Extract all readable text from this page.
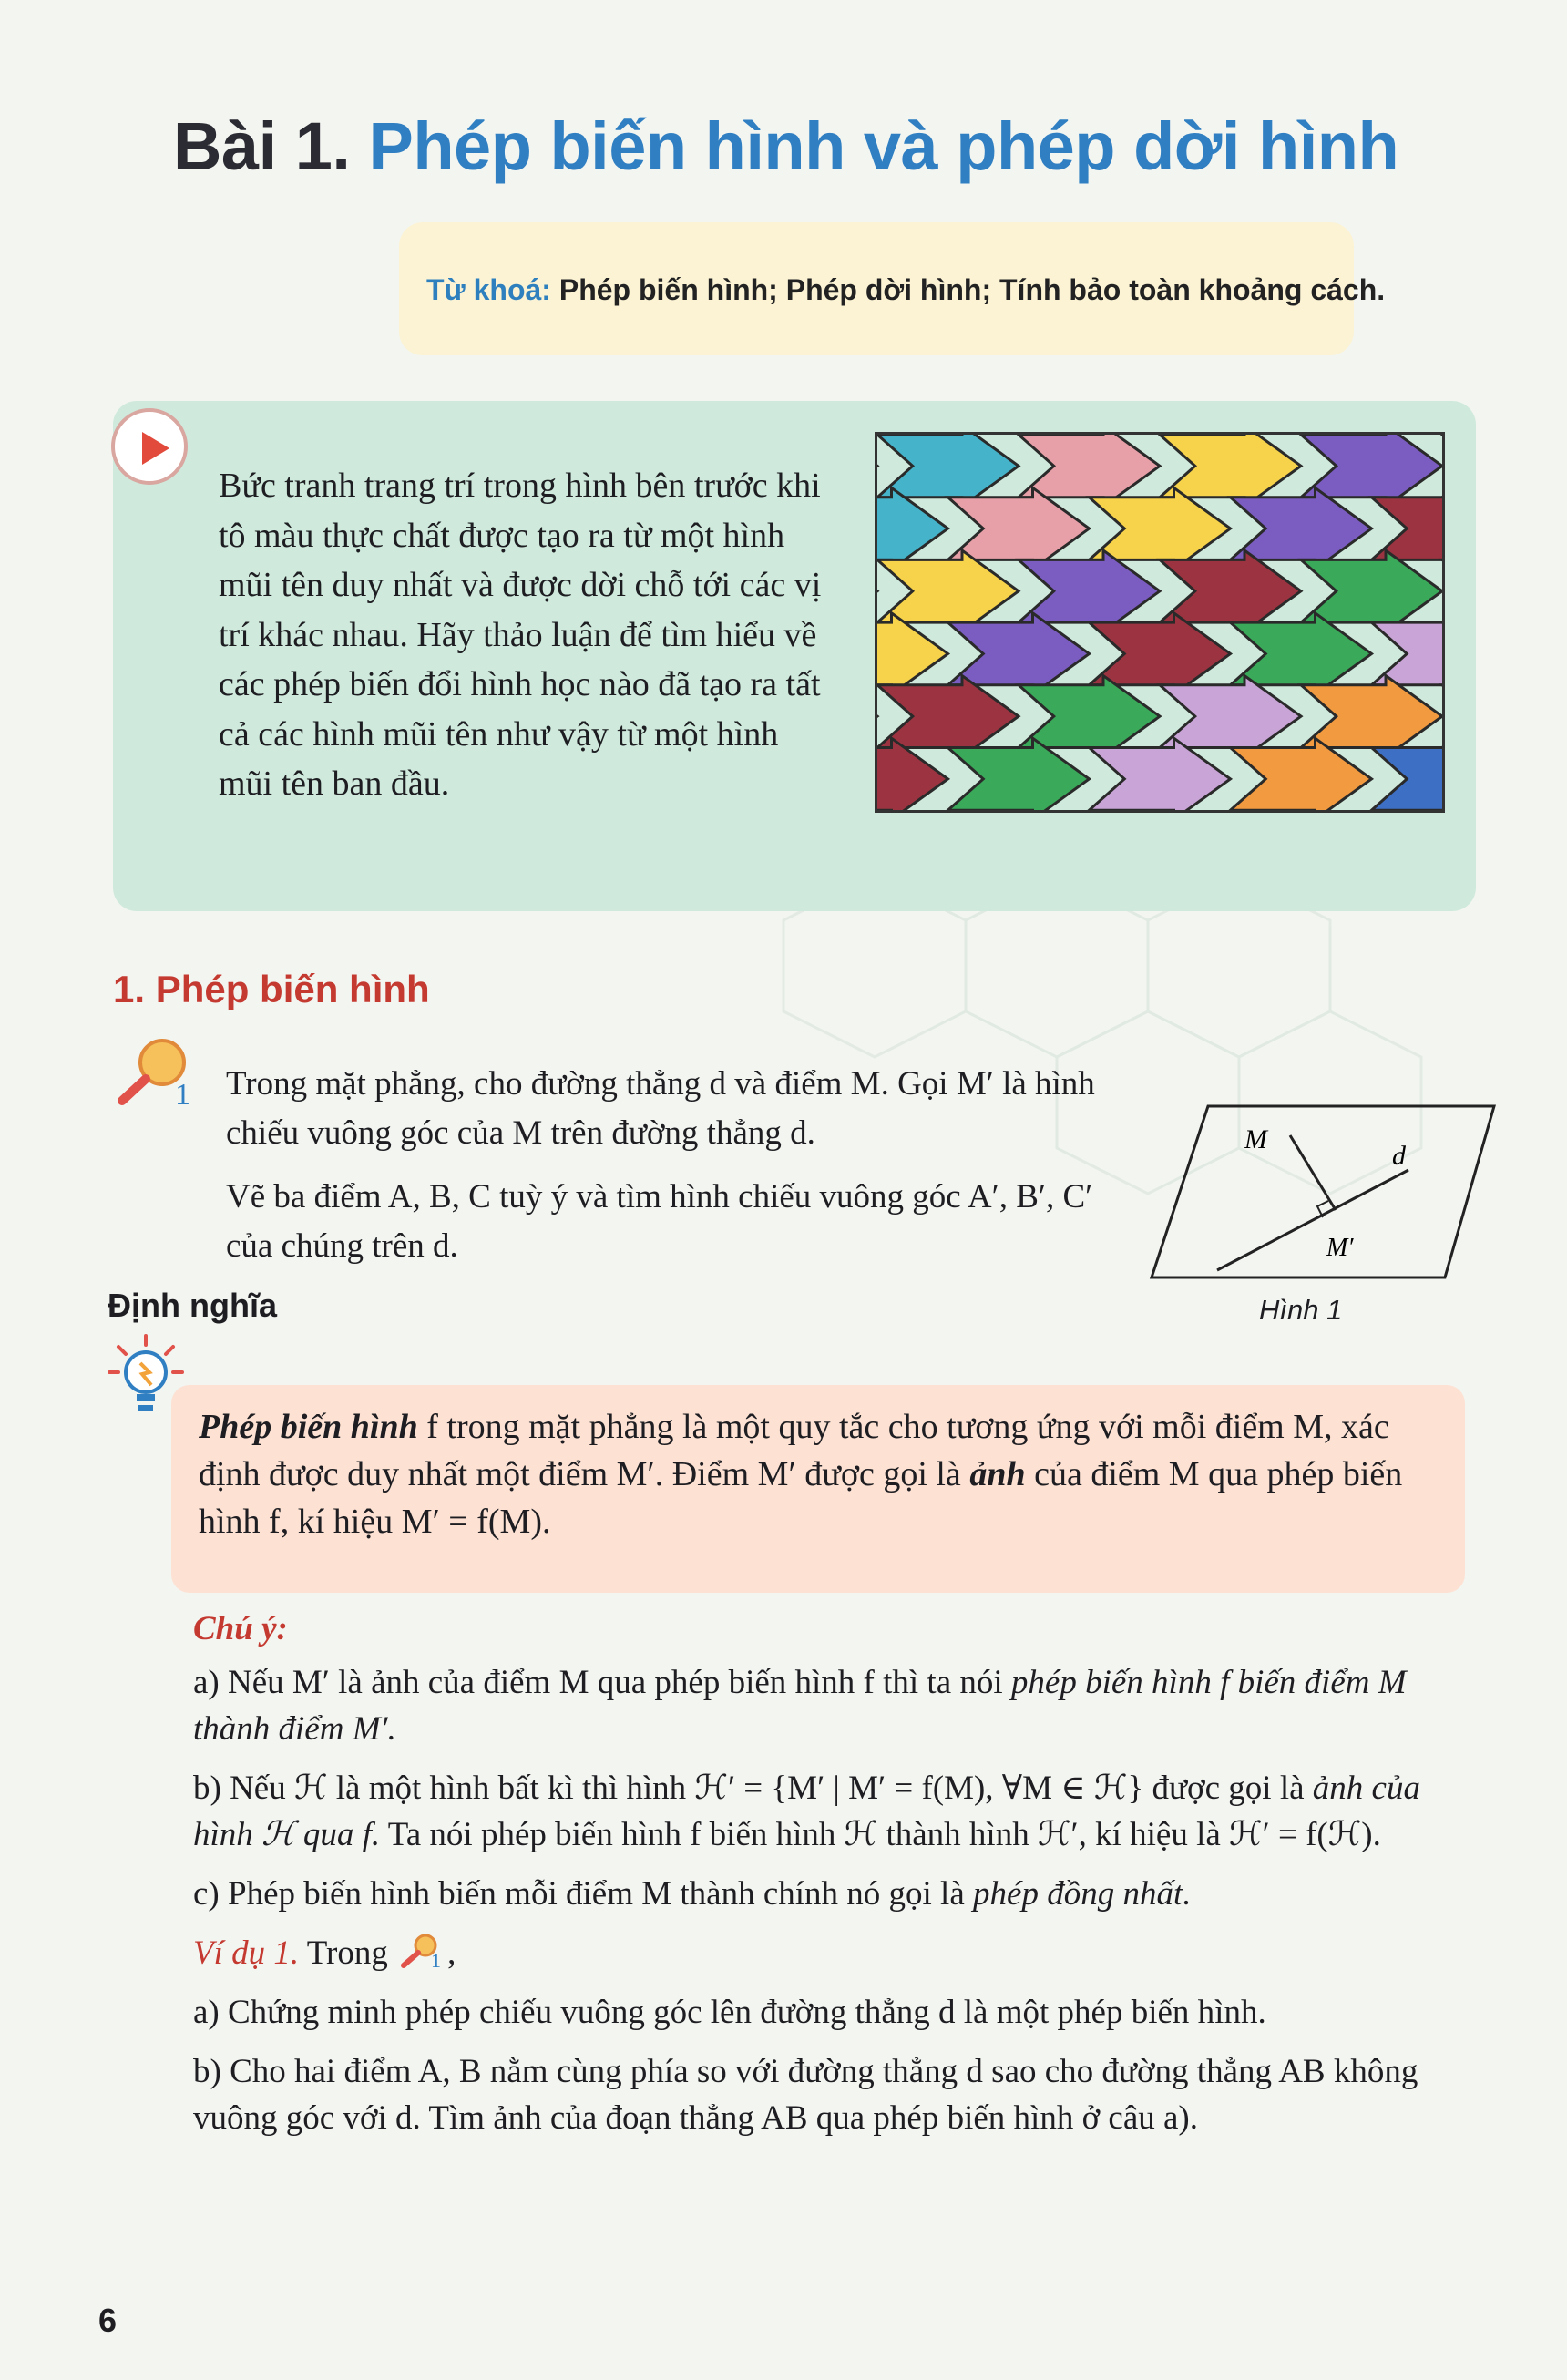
Bài 1. Phép biến hình và phép dời hình
Từ khoá: Phép biến hình; Phép dời hình; Tính bảo toàn khoảng cách.
Bức tranh trang trí trong hình bên trước khi tô màu thực chất được tạo ra từ một hình mũi tên duy nhất và được dời chỗ tới các vị trí khác nhau. Hãy thảo luận để tìm hiểu về các phép biến đổi hình học nào đã tạo ra tất cả các hình mũi tên như vậy từ một hình mũi tên ban đầu.
1. Phép biến hình
1 Trong mặt phẳng, cho đường thẳng d và điểm M. Gọi M′ là hình chiếu vuông góc của M trên đường thẳng d.
Vẽ ba điểm A, B, C tuỳ ý và tìm hình chiếu vuông góc A′, B′, C′ của chúng trên d.
M
d
M′
Hình 1
Định nghĩa
Phép biến hình f trong mặt phẳng là một quy tắc cho tương ứng với mỗi điểm M, xác định được duy nhất một điểm M′. Điểm M′ được gọi là ảnh của điểm M qua phép biến hình f, kí hiệu M′ = f(M).

Chú ý:

a) Nếu M′ là ảnh của điểm M qua phép biến hình f thì ta nói phép biến hình f biến điểm M thành điểm M′.

b) Nếu ℋ là một hình bất kì thì hình ℋ′ = {M′ | M′ = f(M), ∀M ∈ ℋ} được gọi là ảnh của hình ℋ qua f. Ta nói phép biến hình f biến hình ℋ thành hình ℋ′, kí hiệu là ℋ′ = f(ℋ).

c) Phép biến hình biến mỗi điểm M thành chính nó gọi là phép đồng nhất.

Ví dụ 1. Trong 1 ,

a) Chứng minh phép chiếu vuông góc lên đường thẳng d là một phép biến hình.

b) Cho hai điểm A, B nằm cùng phía so với đường thẳng d sao cho đường thẳng AB không vuông góc với d. Tìm ảnh của đoạn thẳng AB qua phép biến hình ở câu a).

6
